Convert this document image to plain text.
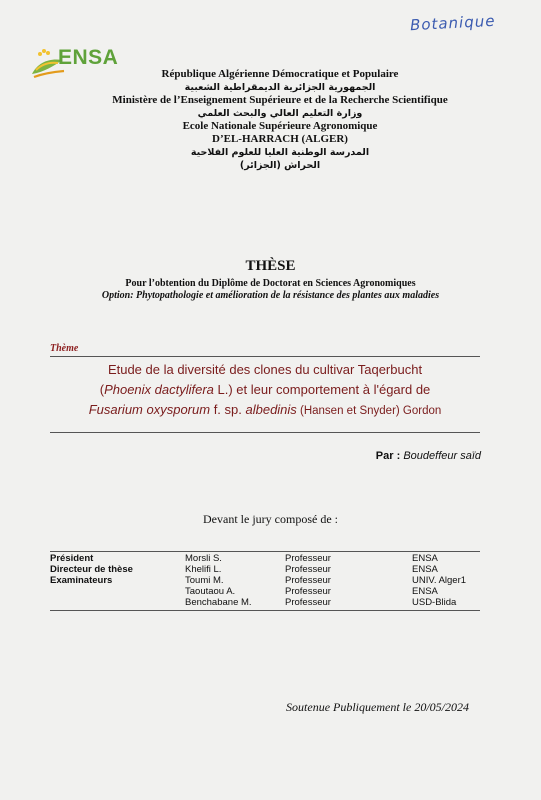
Botanique
ENSA
République Algérienne Démocratique et Populaire
الجمهورية الجزائرية الديمقراطية الشعبية
Ministère de l’Enseignement Supérieure et de la Recherche Scientifique
وزارة التعليم العالي والبحث العلمي
Ecole Nationale Supérieure Agronomique
D’EL-HARRACH (ALGER)
المدرسة الوطنية العليا للعلوم الفلاحية
الحراش (الجزائر)
THÈSE
Pour l’obtention du Diplôme de Doctorat en Sciences Agronomiques
Option: Phytopathologie et amélioration de la résistance des plantes aux maladies
Thème
Etude de la diversité des clones du cultivar Taqerbucht
(Phoenix dactylifera L.) et leur comportement à l'égard de
Fusarium oxysporum f. sp. albedinis (Hansen et Snyder) Gordon
Par : Boudeffeur saïd
Devant le jury composé de :
Président	Morsli S.	Professeur	ENSA
Directeur de thèse	Khelifi L.	Professeur	ENSA
Examinateurs	Toumi M.	Professeur	UNIV. Alger1
Taoutaou A.	Professeur	ENSA
Benchabane M.	Professeur	USD-Blida
Soutenue Publiquement le 20/05/2024
